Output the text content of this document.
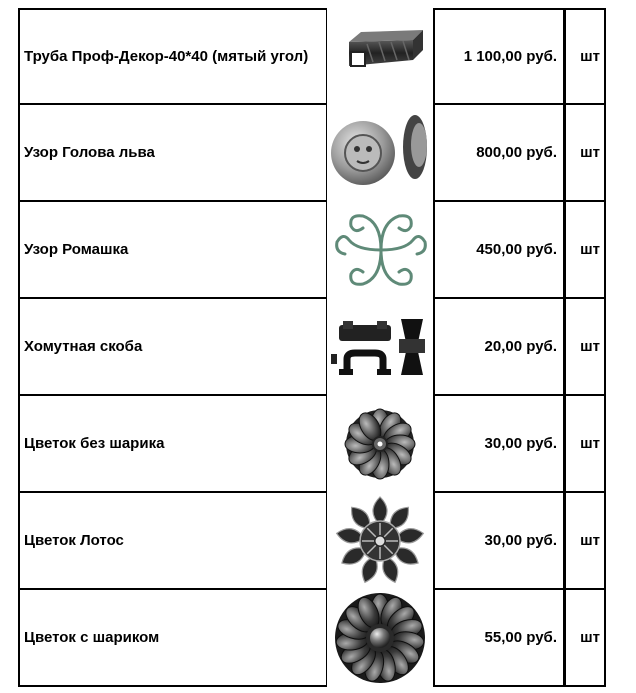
Труба Проф-Декор-40*40 (мятый угол)	1 100,00 руб.	шт
Узор Голова льва	800,00 руб.	шт
Узор Ромашка	450,00 руб.	шт
Хомутная скоба	20,00 руб.	шт
Цветок без шарика	30,00 руб.	шт
Цветок Лотос	30,00 руб.	шт
Цветок с шариком	55,00 руб.	шт
